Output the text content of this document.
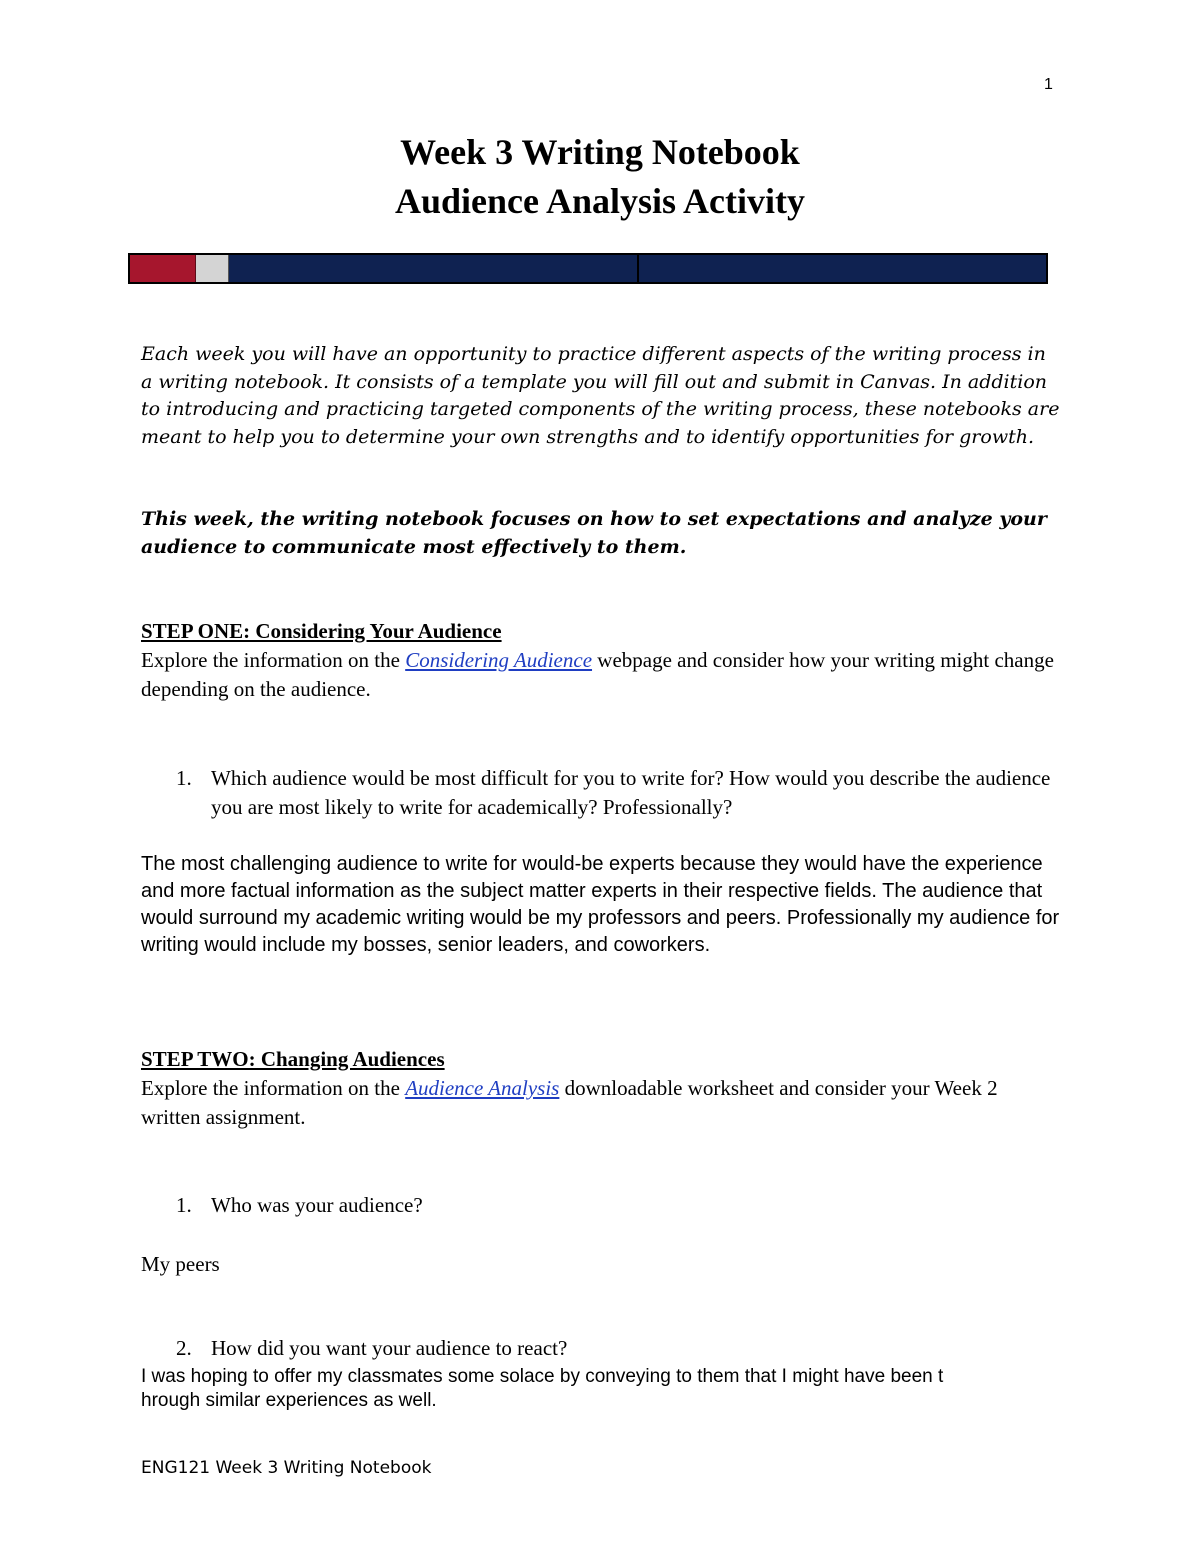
1
Week 3 Writing Notebook
Audience Analysis Activity
Each week you will have an opportunity to practice different aspects of the writing process in a writing notebook. It consists of a template you will fill out and submit in Canvas. In addition to introducing and practicing targeted components of the writing process, these notebooks are meant to help you to determine your own strengths and to identify opportunities for growth.
This week, the writing notebook focuses on how to set expectations and analyze your audience to communicate most effectively to them.
STEP ONE: Considering Your Audience
Explore the information on the Considering Audience webpage and consider how your writing might change depending on the audience.
1. Which audience would be most difficult for you to write for? How would you describe the audience you are most likely to write for academically? Professionally?
The most challenging audience to write for would-be experts because they would have the experience and more factual information as the subject matter experts in their respective fields. The audience that would surround my academic writing would be my professors and peers. Professionally my audience for writing would include my bosses, senior leaders, and coworkers.
STEP TWO: Changing Audiences
Explore the information on the Audience Analysis downloadable worksheet and consider your Week 2 written assignment.
1. Who was your audience?
My peers
2. How did you want your audience to react?
I was hoping to offer my classmates some solace by conveying to them that I might have been t
hrough similar experiences as well.
ENG121 Week 3 Writing Notebook
